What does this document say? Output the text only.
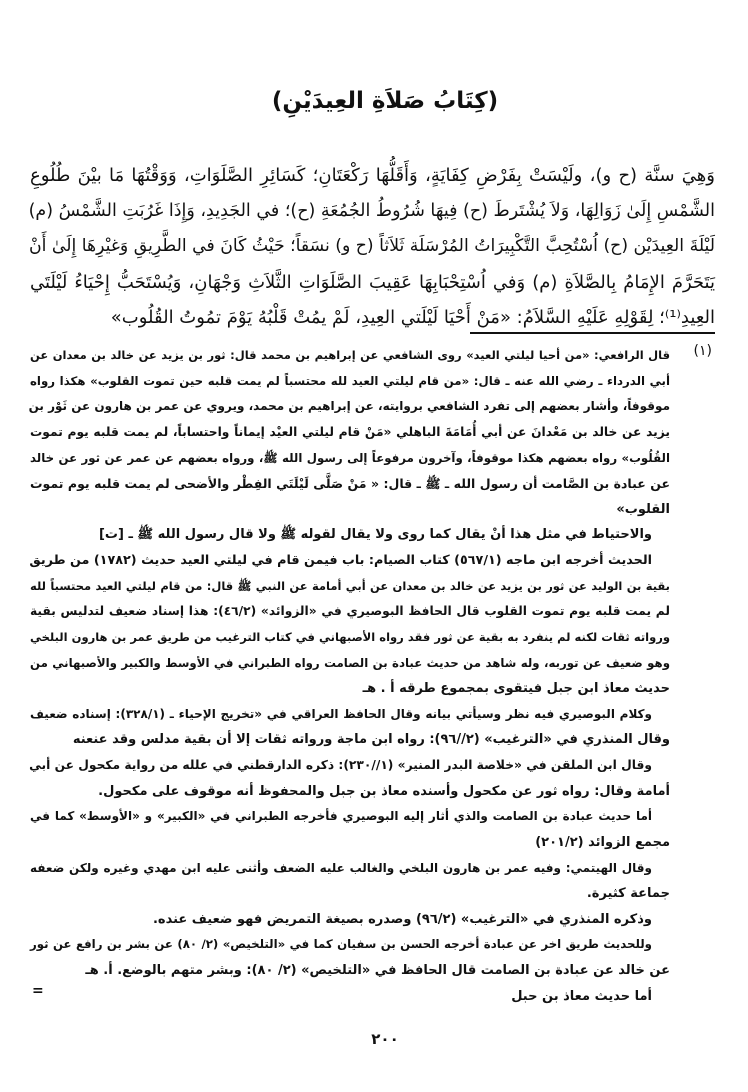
(كِتَابُ صَلاَةِ العِيدَيْنِ)
وَهِيَ سنَّة (ح و)، ولَيْسَتْ بِفَرْضِ كِفَايَةٍ، وَأَقَلُّهَا رَكْعَتَانِ؛ كَسَائِرِ الصَّلَوَاتِ، وَوَقْتُهَا مَا بيْنَ طُلُوعِ
الشَّمْسِ إِلَىٰ زَوَالِهَا، وَلاَ يُشْتَرطَ (ح) فِيهَا شُرُوطُ الجُمُعَةِ (ح)؛ في الجَدِيدِ، وَإِذَا غَرُبَتِ الشَّمْسُ (م)
لَيْلَةَ العِيدَيْن (ح) اُسْتُحِبَّ التَّكْبِيرَاتُ المُرْسَلَة ثَلاَثاً (ح و) نسَقاً؛ حَيْثُ كَانَ في الطَّرِيقِ وَغيْرِهَا إِلَىٰ أَنْ
يَتَحَرَّمَ الإِمَامُ بِالصَّلاَةِ (م) وَفي اُسْتِحْبَابِهَا عَقِيبَ الصَّلَوَاتِ الثَّلاَثِ وَجْهَانِ، وَيُسْتَحَبُّ إِحْيَاءُ لَيْلَتَي
العِيدِ⁽¹⁾؛ لِقَوْلِهِ عَلَيْهِ السَّلاَمُ: «مَنْ أَحْيَا لَيْلَتي العِيدِ، لَمْ يمُتْ قَلْبُهُ يَوْمَ تمُوتُ القُلُوب»
(١)
قال الرافعي: «من أحيا ليلتي العيد» روى الشافعي عن إبراهيم بن محمد قال: ثور بن يزيد عن خالد بن معدان عن
أبي الدرداء ـ رضي الله عنه ـ قال: «من قام ليلتي العيد لله محتسباً لم يمت قلبه حين تموت القلوب» هكذا رواه
موقوفاً، وأشار بعضهم إلى تفرد الشافعي بروايته، عن إبراهيم بن محمد، ويروي عن عمر بن هارون عن ثَوْر بن
يزيد عن خالد بن مَعْدانَ عن أبي أُمَامَةَ الباهلي «مَنْ قام ليلتي العيْد إيماناً واحتساباً، لم يمت قلبه يوم تموت
القُلُوب» رواه بعضهم هكذا موقوفاً، وآخرون مرفوعاً إلى رسول الله ﷺ، ورواه بعضهم عن عمر عن ثور عن خالد
عن عبادة بن الصَّامت أن رسول الله ـ ﷺ ـ قال: « مَنْ صَلَّى لَيْلَتَي الفِطْر والأضحى لم يمت قلبه يوم تموت
القلوب»
والاحتياط في مثل هذا أنْ يقال كما روى ولا يقال لقوله ﷺ ولا قال رسول الله ﷺ ـ [ت]
الحديث أخرجه ابن ماجه (٥٦٧/١) كتاب الصيام: باب فيمن قام في ليلتي العيد حديث (١٧٨٢) من طريق
بقية بن الوليد عن ثور بن يزيد عن خالد بن معدان عن أبي أمامة عن النبي ﷺ قال: من قام ليلتي العيد محتسباً لله
لم يمت قلبه يوم تموت القلوب قال الحافظ البوصيري في «الزوائد» (٤٦/٢): هذا إسناد ضعيف لتدليس بقية
ورواته ثقات لكنه لم ينفرد به بقية عن ثور فقد رواه الأصبهاني في كتاب الترغيب من طريق عمر بن هارون البلخي
وهو ضعيف عن توربه، وله شاهد من حديث عبادة بن الصامت رواه الطبراني في الأوسط والكبير والأصبهاني من
حديث معاذ ابن جبل فيتقوى بمجموع طرقه أ . هـ
وكلام البوصيري فيه نظر وسيأتي بيانه وقال الحافظ العراقي في «تخريج الإحياء ـ (٣٢٨/١): إسناده ضعيف
وقال المنذري في «الترغيب» (٢//٩٦): رواه ابن ماجة ورواته ثقات إلا أن بقية مدلس وقد عنعنه
وقال ابن الملقن في «خلاصة البدر المنير» (١//٢٣٠): ذكره الدارقطني في علله من رواية مكحول عن أبي
أمامة وقال: رواه ثور عن مكحول وأسنده معاذ بن جبل والمحفوظ أنه موقوف على مكحول.
أما حديث عبادة بن الصامت والذي أثار إليه البوصيري فأخرجه الطبراني في «الكبير» و «الأوسط» كما في
مجمع الزوائد (٢٠١/٢)
وقال الهيتمي: وفيه عمر بن هارون البلخي والغالب عليه الضعف وأثنى عليه ابن مهدي وغيره ولكن ضعفه
جماعة كثيرة.
وذكره المنذري في «الترغيب» (٩٦/٢) وصدره بصيغة التمريض فهو ضعيف عنده.
وللحديث طريق اخر عن عبادة أخرجه الحسن بن سفيان كما في «التلخيص» (٢/ ٨٠) عن بشر بن رافع عن ثور
عن خالد عن عبادة بن الصامت قال الحافظ في «التلخيص» (٢/ ٨٠): وبشر متهم بالوضع. أ. هـ
أما حديث معاذ بن حبل
=
٢٠٠
